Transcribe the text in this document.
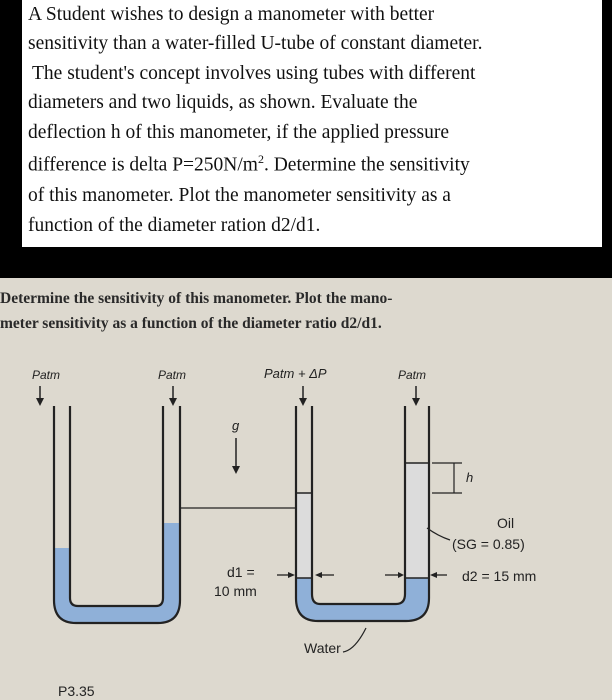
A Student wishes to design a manometer with better
sensitivity than a water-filled U-tube of constant diameter.
The student's concept involves using tubes with different
diameters and two liquids, as shown. Evaluate the
deflection h of this manometer, if the applied pressure
difference is delta $P=250N/m^2$. Determine the sensitivity
of this manometer. Plot the manometer sensitivity as a
function of the diameter ration d2/d1.
Determine the sensitivity of this manometer. Plot the mano-
meter sensitivity as a function of the diameter ratio d2/d1.
Patm	Patm	Patm + ΔP	Patm
g
h
Oil
(SG = 0.85)
d1 =
10 mm
d2 = 15 mm
Water
P3.35
